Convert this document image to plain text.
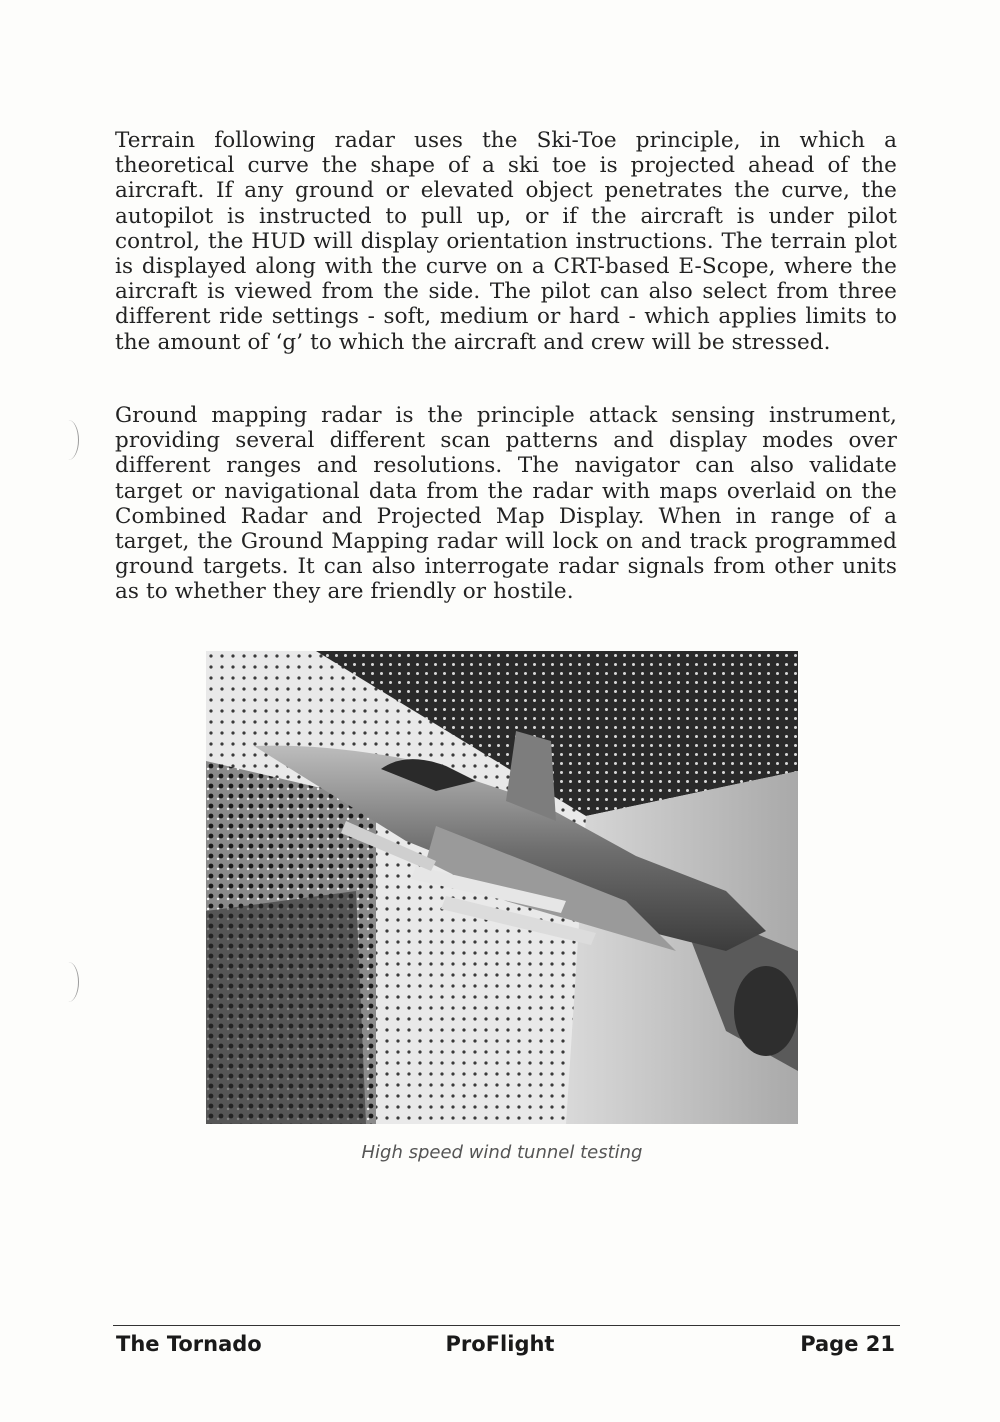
Terrain following radar uses the Ski-Toe principle, in which a theoretical curve the shape of a ski toe is projected ahead of the aircraft. If any ground or elevated object penetrates the curve, the autopilot is instructed to pull up, or if the aircraft is under pilot control, the HUD will display orientation instructions. The terrain plot is displayed along with the curve on a CRT-based E-Scope, where the aircraft is viewed from the side. The pilot can also select from three different ride settings - soft, medium or hard - which applies limits to the amount of ‘g’ to which the aircraft and crew will be stressed.

Ground mapping radar is the principle attack sensing instrument, providing several different scan patterns and display modes over different ranges and resolutions. The navigator can also validate target or navigational data from the radar with maps overlaid on the Combined Radar and Projected Map Display. When in range of a target, the Ground Mapping radar will lock on and track programmed ground targets. It can also interrogate radar signals from other units as to whether they are friendly or hostile.

High speed wind tunnel testing
The Tornado	ProFlight	Page 21
